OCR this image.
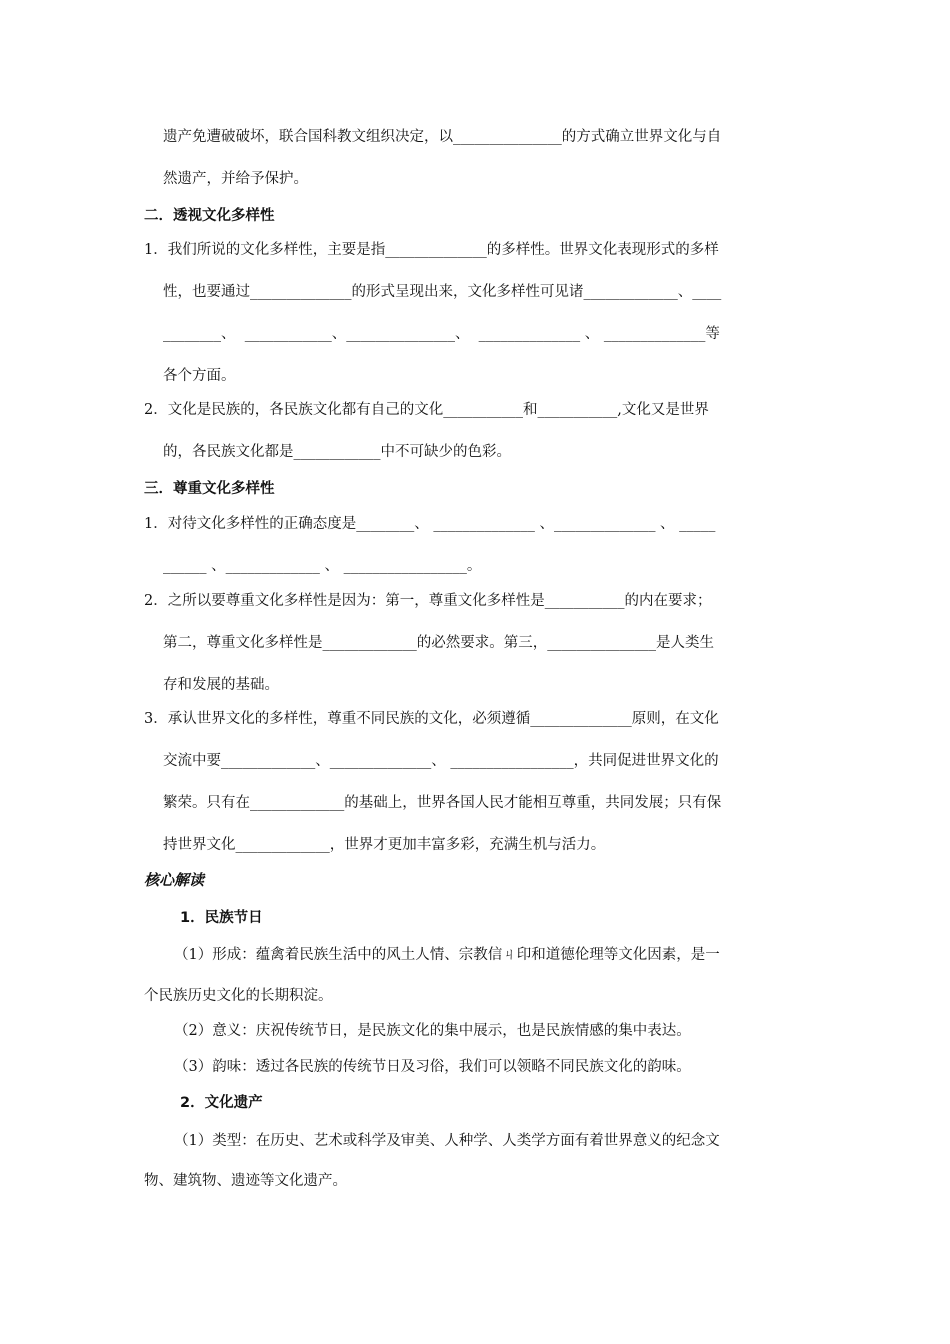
遗产免遭破破坏，联合国科教文组织决定，以_______________的方式确立世界文化与自
然遗产，并给予保护。
二．透视文化多样性
1．我们所说的文化多样性，主要是指______________的多样性。世界文化表现形式的多样
性，也要通过______________的形式呈现出来，文化多样性可见诸_____________、____
________、  ____________、_______________、  ______________ 、 ______________等
各个方面。
2．文化是民族的，各民族文化都有自己的文化___________和___________,文化又是世界
的，各民族文化都是____________中不可缺少的色彩。
三．尊重文化多样性
1．对待文化多样性的正确态度是________、 ______________ 、______________ 、 _____
______ 、_____________ 、 _________________。
2．之所以要尊重文化多样性是因为：第一，尊重文化多样性是___________的内在要求；
第二，尊重文化多样性是_____________的必然要求。第三，_______________是人类生
存和发展的基础。
3．承认世界文化的多样性，尊重不同民族的文化，必须遵循______________原则，在文化
交流中要_____________、______________、 _________________，共同促进世界文化的
繁荣。只有在_____________的基础上，世界各国人民才能相互尊重，共同发展；只有保
持世界文化_____________，世界才更加丰富多彩，充满生机与活力。
核心解读
1．民族节日
（1）形成：蕴禽着民族生活中的风土人情、宗教信ㄐ印和道德伦理等文化因素，是一
个民族历史文化的长期积淀。
（2）意义：庆祝传统节日，是民族文化的集中展示，也是民族情感的集中表达。
（3）韵味：透过各民族的传统节日及习俗，我们可以领略不同民族文化的韵味。
2．文化遗产
（1）类型：在历史、艺术或科学及审美、人种学、人类学方面有着世界意义的纪念文
物、建筑物、遗迹等文化遗产。
